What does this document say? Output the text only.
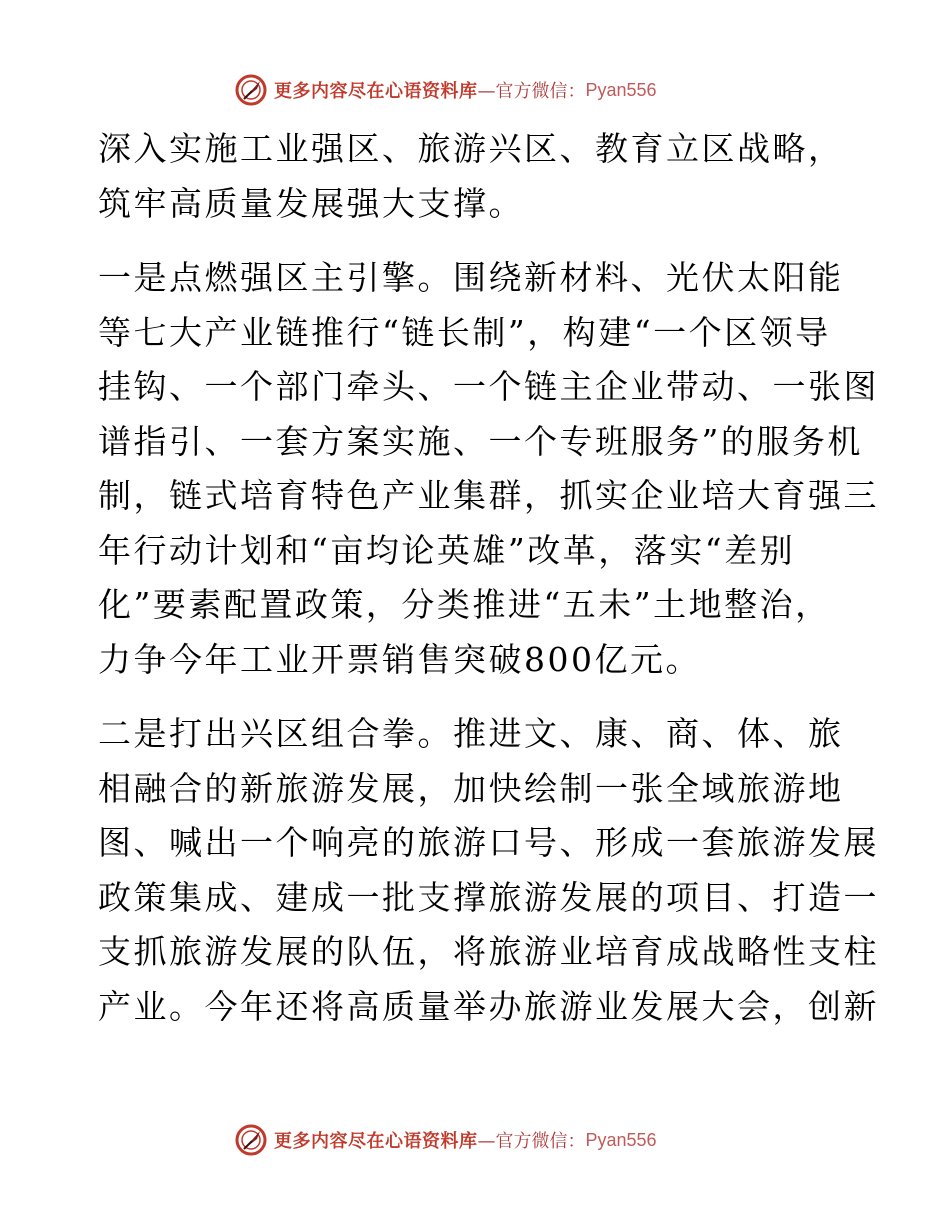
更多内容尽在心语资料库 —官方微信： Pyan556

深入实施工业强区、旅游兴区、教育立区战略，
筑牢高质量发展强大支撑。

一是点燃强区主引擎。围绕新材料、光伏太阳能
等七大产业链推行“链长制”，构建“一个区领导
挂钩、一个部门牵头、一个链主企业带动、一张图
谱指引、一套方案实施、一个专班服务”的服务机
制，链式培育特色产业集群，抓实企业培大育强三
年行动计划和“亩均论英雄”改革，落实“差别
化”要素配置政策，分类推进“五未”土地整治，
力争今年工业开票销售突破800亿元。

二是打出兴区组合拳。推进文、康、商、体、旅
相融合的新旅游发展，加快绘制一张全域旅游地
图、喊出一个响亮的旅游口号、形成一套旅游发展
政策集成、建成一批支撑旅游发展的项目、打造一
支抓旅游发展的队伍，将旅游业培育成战略性支柱
产业。今年还将高质量举办旅游业发展大会，创新

更多内容尽在心语资料库 —官方微信： Pyan556
